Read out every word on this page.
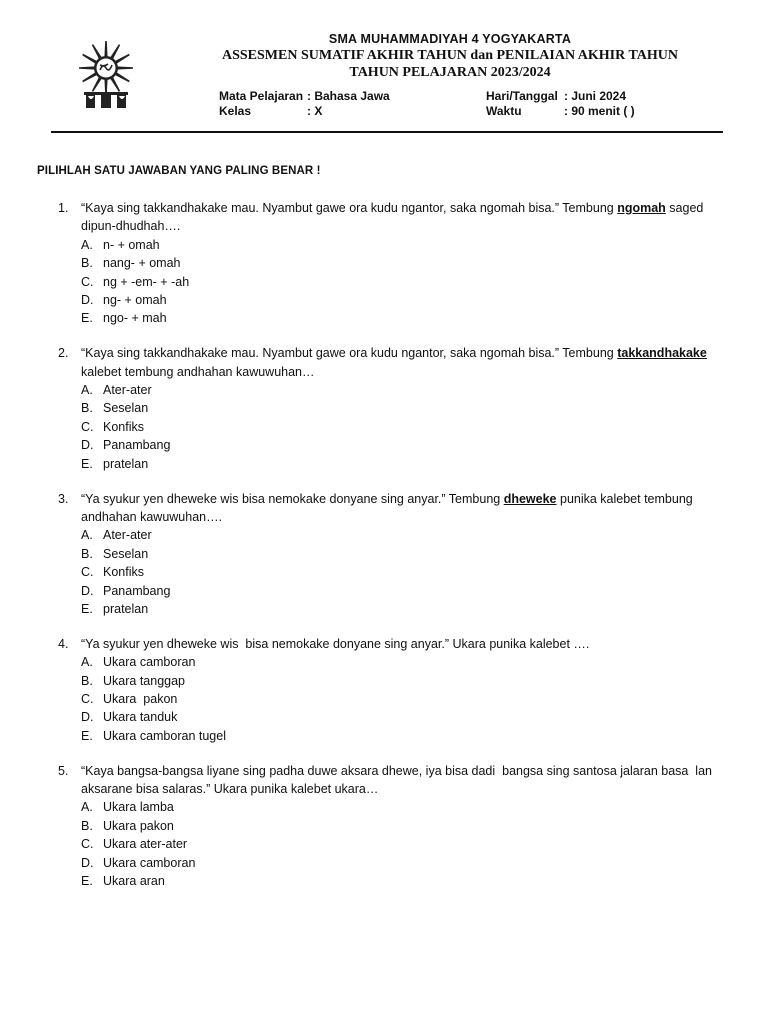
SMA MUHAMMADIYAH 4 YOGYAKARTA
ASSESMEN SUMATIF AKHIR TAHUN dan PENILAIAN AKHIR TAHUN
TAHUN PELAJARAN 2023/2024
Mata Pelajaran : Bahasa Jawa
Kelas	: X
Hari/Tanggal : Juni 2024
Waktu	: 90 menit ( )
PILIHLAH SATU JAWABAN YANG PALING BENAR !
1. “Kaya sing takkandhakake mau. Nyambut gawe ora kudu ngantor, saka ngomah bisa.” Tembung ngomah saged dipun-dhudhah….
A. n- + omah
B. nang- + omah
C. ng + -em- + -ah
D. ng- + omah
E. ngo- + mah
2. “Kaya sing takkandhakake mau. Nyambut gawe ora kudu ngantor, saka ngomah bisa.” Tembung takkandhakake kalebet tembung andhahan kawuwuhan…
A. Ater-ater
B. Seselan
C. Konfiks
D. Panambang
E. pratelan
3. “Ya syukur yen dheweke wis bisa nemokake donyane sing anyar.” Tembung dheweke punika kalebet tembung andhahan kawuwuhan….
A. Ater-ater
B. Seselan
C. Konfiks
D. Panambang
E. pratelan
4. “Ya syukur yen dheweke wis  bisa nemokake donyane sing anyar.” Ukara punika kalebet ….
A. Ukara camboran
B. Ukara tanggap
C. Ukara  pakon
D. Ukara tanduk
E. Ukara camboran tugel
5. “Kaya bangsa-bangsa liyane sing padha duwe aksara dhewe, iya bisa dadi  bangsa sing santosa jalaran basa  lan aksarane bisa salaras.” Ukara punika kalebet ukara…
A. Ukara lamba
B. Ukara pakon
C. Ukara ater-ater
D. Ukara camboran
E. Ukara aran
